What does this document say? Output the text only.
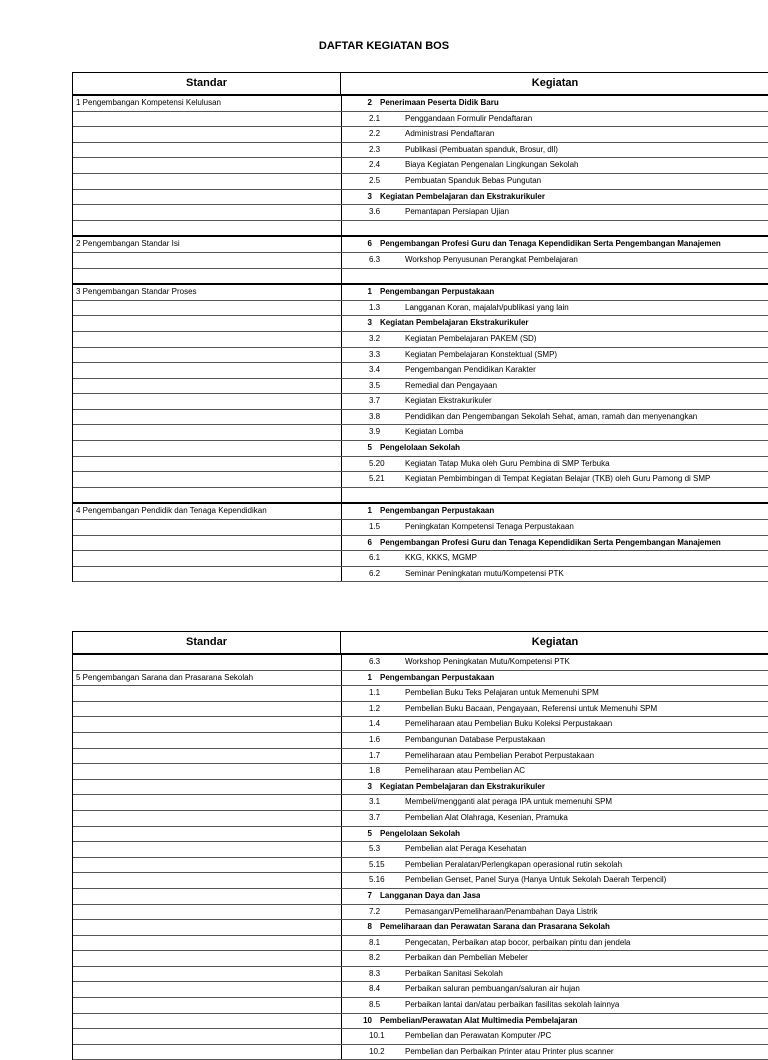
DAFTAR KEGIATAN BOS
Standar	Kegiatan
1 Pengembangan Kompetensi Kelulusan	2	Penerimaan Peserta Didik Baru
2.1	Penggandaan Formulir Pendaftaran
2.2	Administrasi Pendaftaran
2.3	Publikasi (Pembuatan spanduk, Brosur, dll)
2.4	Biaya Kegiatan Pengenalan Lingkungan Sekolah
2.5	Pembuatan Spanduk Bebas Pungutan
3	Kegiatan Pembelajaran dan Ekstrakurikuler
3.6	Pemantapan Persiapan Ujian
2 Pengembangan Standar Isi	6	Pengembangan Profesi Guru dan Tenaga Kependidikan Serta Pengembangan Manajemen
6.3	Workshop Penyusunan Perangkat Pembelajaran
3 Pengembangan Standar Proses	1	Pengembangan Perpustakaan
1.3	Langganan Koran, majalah/publikasi yang lain
3	Kegiatan Pembelajaran Ekstrakurikuler
3.2	Kegiatan Pembelajaran PAKEM (SD)
3.3	Kegiatan Pembelajaran Konstektual (SMP)
3.4	Pengembangan Pendidikan Karakter
3.5	Remedial dan Pengayaan
3.7	Kegiatan Ekstrakurikuler
3.8	Pendidikan dan Pengembangan Sekolah Sehat, aman, ramah dan menyenangkan
3.9	Kegiatan Lomba
5	Pengelolaan Sekolah
5.20	Kegiatan Tatap Muka oleh Guru Pembina di SMP Terbuka
5.21	Kegiatan Pembimbingan di Tempat Kegiatan Belajar (TKB) oleh Guru Pamong di SMP
4 Pengembangan Pendidik dan Tenaga Kependidikan	1	Pengembangan Perpustakaan
1.5	Peningkatan Kompetensi Tenaga Perpustakaan
6	Pengembangan Profesi Guru dan Tenaga Kependidikan Serta Pengembangan Manajemen
6.1	KKG, KKKS, MGMP
6.2	Seminar Peningkatan mutu/Kompetensi PTK
Standar	Kegiatan
6.3	Workshop Peningkatan Mutu/Kompetensi PTK
5 Pengembangan Sarana dan Prasarana Sekolah	1	Pengembangan Perpustakaan
1.1	Pembelian Buku Teks Pelajaran untuk Memenuhi SPM
1.2	Pembelian Buku Bacaan, Pengayaan, Referensi untuk Memenuhi SPM
1.4	Pemeliharaan atau Pembelian Buku Koleksi Perpustakaan
1.6	Pembangunan Database Perpustakaan
1.7	Pemeliharaan atau Pembelian Perabot Perpustakaan
1.8	Pemeliharaan atau Pembelian AC
3	Kegiatan Pembelajaran dan Ekstrakurikuler
3.1	Membeli/mengganti alat peraga IPA untuk memenuhi SPM
3.7	Pembelian Alat Olahraga, Kesenian, Pramuka
5	Pengelolaan Sekolah
5.3	Pembelian alat Peraga Kesehatan
5.15	Pembelian Peralatan/Perlengkapan operasional rutin sekolah
5.16	Pembelian Genset, Panel Surya (Hanya Untuk Sekolah Daerah Terpencil)
7	Langganan Daya dan Jasa
7.2	Pemasangan/Pemeliharaan/Penambahan Daya Listrik
8	Pemeliharaan dan Perawatan Sarana dan Prasarana Sekolah
8.1	Pengecatan, Perbaikan atap bocor, perbaikan pintu dan jendela
8.2	Perbaikan dan Pembelian Mebeler
8.3	Perbaikan Sanitasi Sekolah
8.4	Perbaikan saluran pembuangan/saluran air hujan
8.5	Perbaikan lantai dan/atau perbaikan fasilitas sekolah lainnya
10	Pembelian/Perawatan Alat Multimedia Pembelajaran
10.1	Pembelian dan Perawatan Komputer /PC
10.2	Pembelian dan Perbaikan Printer atau Printer plus scanner
